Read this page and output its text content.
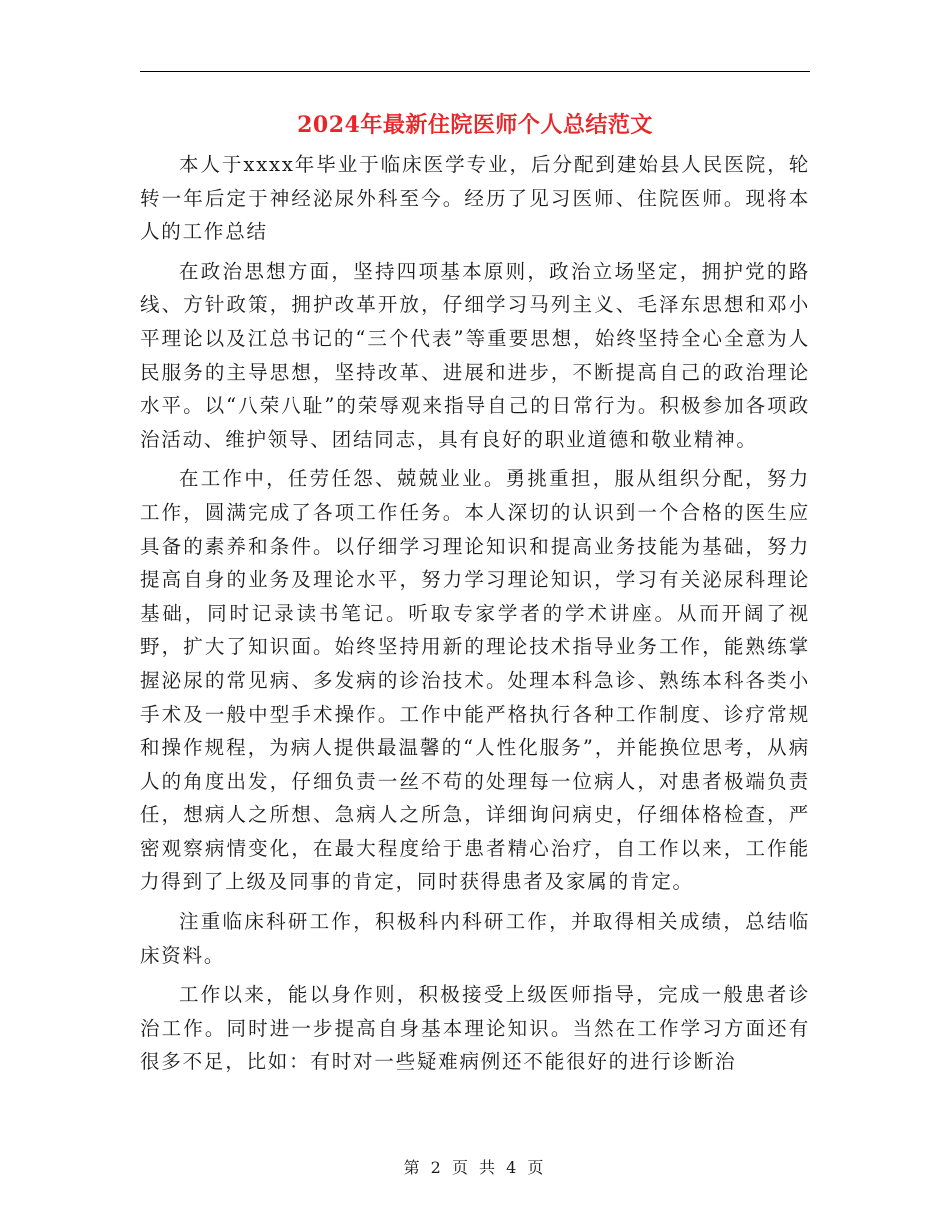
2024年最新住院医师个人总结范文

本人于xxxx年毕业于临床医学专业，后分配到建始县人民医院，轮转一年后定于神经泌尿外科至今。经历了见习医师、住院医师。现将本人的工作总结

在政治思想方面，坚持四项基本原则，政治立场坚定，拥护党的路线、方针政策，拥护改革开放，仔细学习马列主义、毛泽东思想和邓小平理论以及江总书记的“三个代表”等重要思想，始终坚持全心全意为人民服务的主导思想，坚持改革、进展和进步，不断提高自己的政治理论水平。以“八荣八耻”的荣辱观来指导自己的日常行为。积极参加各项政治活动、维护领导、团结同志，具有良好的职业道德和敬业精神。

在工作中，任劳任怨、兢兢业业。勇挑重担，服从组织分配，努力工作，圆满完成了各项工作任务。本人深切的认识到一个合格的医生应具备的素养和条件。以仔细学习理论知识和提高业务技能为基础，努力提高自身的业务及理论水平，努力学习理论知识，学习有关泌尿科理论基础，同时记录读书笔记。听取专家学者的学术讲座。从而开阔了视野，扩大了知识面。始终坚持用新的理论技术指导业务工作，能熟练掌握泌尿的常见病、多发病的诊治技术。处理本科急诊、熟练本科各类小手术及一般中型手术操作。工作中能严格执行各种工作制度、诊疗常规和操作规程，为病人提供最温馨的“人性化服务”，并能换位思考，从病人的角度出发，仔细负责一丝不苟的处理每一位病人，对患者极端负责任，想病人之所想、急病人之所急，详细询问病史，仔细体格检查，严密观察病情变化，在最大程度给于患者精心治疗，自工作以来，工作能力得到了上级及同事的肯定，同时获得患者及家属的肯定。

注重临床科研工作，积极科内科研工作，并取得相关成绩，总结临床资料。

工作以来，能以身作则，积极接受上级医师指导，完成一般患者诊治工作。同时进一步提高自身基本理论知识。当然在工作学习方面还有很多不足，比如：有时对一些疑难病例还不能很好的进行诊断治

第 2 页 共 4 页
